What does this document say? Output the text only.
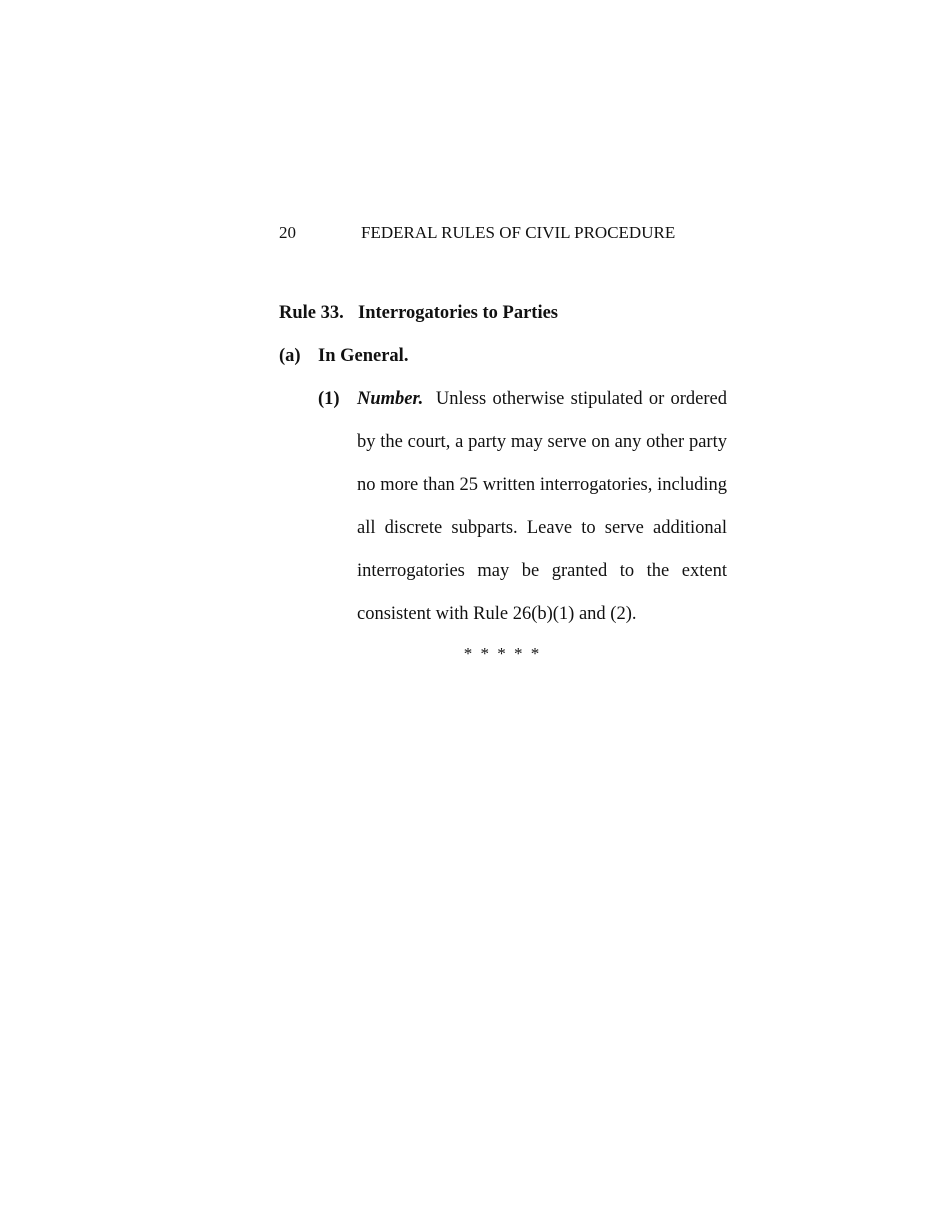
20	FEDERAL RULES OF CIVIL PROCEDURE
Rule 33. Interrogatories to Parties
(a) In General.
(1) Number. Unless otherwise stipulated or ordered by the court, a party may serve on any other party no more than 25 written interrogatories, including all discrete subparts. Leave to serve additional interrogatories may be granted to the extent consistent with Rule 26(b)(1) and (2).
* * * * *
